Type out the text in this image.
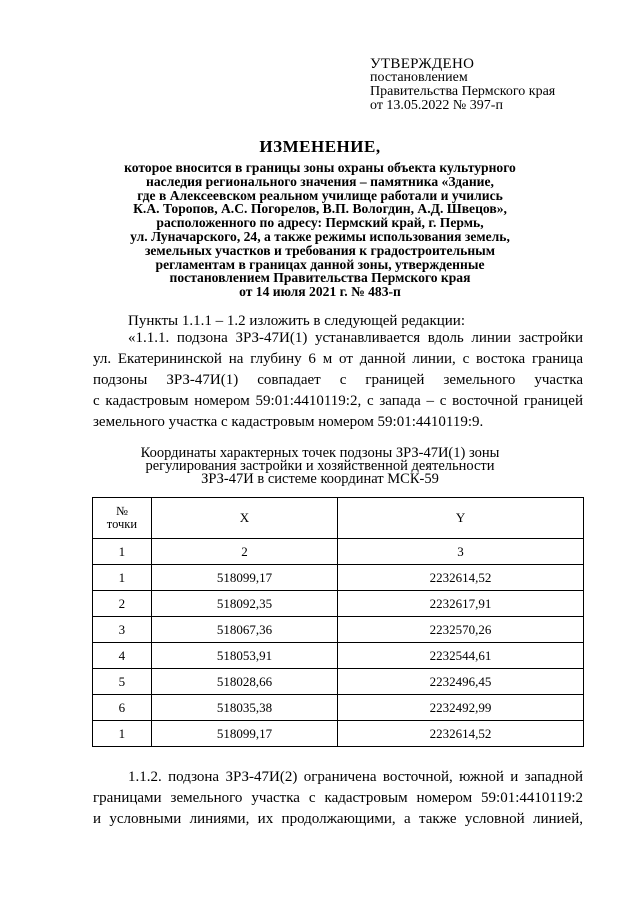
УТВЕРЖДЕНО
постановлением
Правительства Пермского края
от 13.05.2022 № 397-п
ИЗМЕНЕНИЕ,
которое вносится в границы зоны охраны объекта культурного
наследия регионального значения – памятника «Здание,
где в Алексеевском реальном училище работали и учились
К.А. Торопов, А.С. Погорелов, В.П. Вологдин, А.Д. Швецов»,
расположенного по адресу: Пермский край, г. Пермь,
ул. Луначарского, 24, а также режимы использования земель,
земельных участков и требования к градостроительным
регламентам в границах данной зоны, утвержденные
постановлением Правительства Пермского края
от 14 июля 2021 г. № 483-п
Пункты 1.1.1 – 1.2 изложить в следующей редакции:
«1.1.1. подзона ЗРЗ-47И(1) устанавливается вдоль линии застройки
ул. Екатерининской на глубину 6 м от данной линии, с востока граница
подзоны ЗРЗ-47И(1) совпадает с границей земельного участка
с кадастровым номером 59:01:4410119:2, с запада – с восточной границей
земельного участка с кадастровым номером 59:01:4410119:9.
Координаты характерных точек подзоны ЗРЗ-47И(1) зоны
регулирования застройки и хозяйственной деятельности
ЗРЗ-47И в системе координат МСК-59
№
точки	X	Y
1	2	3
1	518099,17	2232614,52
2	518092,35	2232617,91
3	518067,36	2232570,26
4	518053,91	2232544,61
5	518028,66	2232496,45
6	518035,38	2232492,99
1	518099,17	2232614,52
1.1.2. подзона ЗРЗ-47И(2) ограничена восточной, южной и западной
границами земельного участка с кадастровым номером 59:01:4410119:2
и условными линиями, их продолжающими, а также условной линией,
